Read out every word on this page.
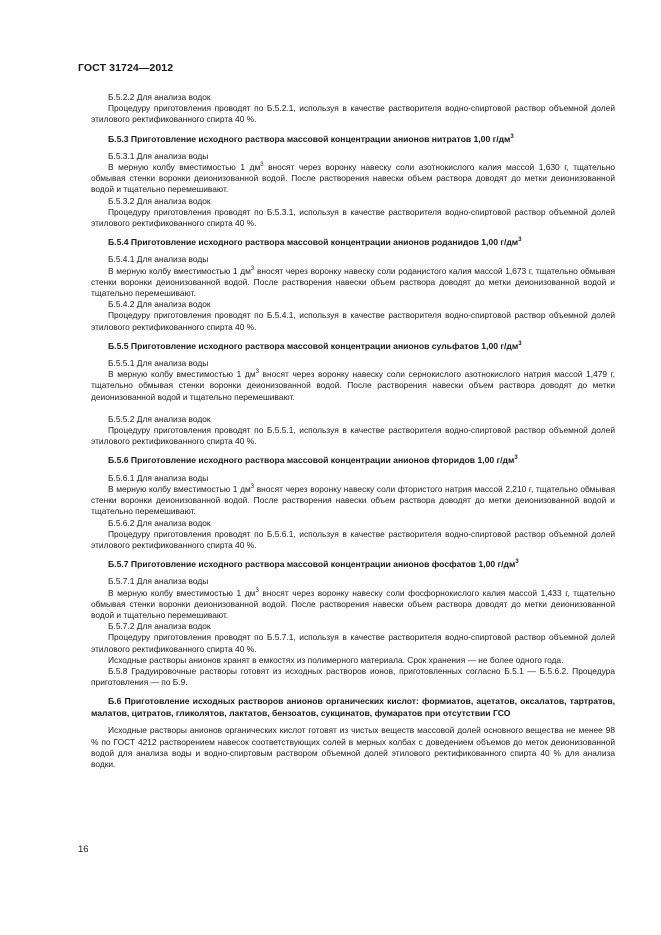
ГОСТ 31724—2012

Б.5.2.2 Для анализа водок

Процедуру приготовления проводят по Б.5.2.1, используя в качестве растворителя водно-спиртовой раствор объемной долей этилового ректификованного спирта 40 %.

Б.5.3 Приготовление исходного раствора массовой концентрации анионов нитратов 1,00 $г/дм^3$

Б.5.3.1 Для анализа воды

В мерную колбу вместимостью 1 $дм^3$ вносят через воронку навеску соли азотнокислого калия массой 1,630 г, тщательно обмывая стенки воронки деионизованной водой. После растворения навески объем раствора доводят до метки деионизованной водой и тщательно перемешивают.

Б.5.3.2 Для анализа водок

Процедуру приготовления проводят по Б.5.3.1, используя в качестве растворителя водно-спиртовой раствор объемной долей этилового ректификованного спирта 40 %.

Б.5.4 Приготовление исходного раствора массовой концентрации анионов роданидов 1,00 $г/дм^3$

Б.5.4.1 Для анализа воды

В мерную колбу вместимостью 1 $дм^3$ вносят через воронку навеску соли роданистого калия массой 1,673 г, тщательно обмывая стенки воронки деионизованной водой. После растворения навески объем раствора доводят до метки деионизованной водой и тщательно перемешивают.

Б.5.4.2 Для анализа водок

Процедуру приготовления проводят по Б.5.4.1, используя в качестве растворителя водно-спиртовой раствор объемной долей этилового ректификованного спирта 40 %.

Б.5.5 Приготовление исходного раствора массовой концентрации анионов сульфатов 1,00 $г/дм^3$

Б.5.5.1 Для анализа воды

В мерную колбу вместимостью 1 $дм^3$ вносят через воронку навеску соли сернокислого азотнокислого натрия массой 1,479 г, тщательно обмывая стенки воронки деионизованной водой. После растворения навески объем раствора доводят до метки деионизованной водой и тщательно перемешивают.

Б.5.5.2 Для анализа водок

Процедуру приготовления проводят по Б.5.5.1, используя в качестве растворителя водно-спиртовой раствор объемной долей этилового ректификованного спирта 40 %.

Б.5.6 Приготовление исходного раствора массовой концентрации анионов фторидов 1,00 $г/дм^3$

Б.5.6.1 Для анализа воды

В мерную колбу вместимостью 1 $дм^3$ вносят через воронку навеску соли фтористого натрия массой 2,210 г, тщательно обмывая стенки воронки деионизованной водой. После растворения навески объем раствора доводят до метки деионизованной водой и тщательно перемешивают.

Б.5.6.2 Для анализа водок

Процедуру приготовления проводят по Б.5.6.1, используя в качестве растворителя водно-спиртовой раствор объемной долей этилового ректификованного спирта 40 %.

Б.5.7 Приготовление исходного раствора массовой концентрации анионов фосфатов 1,00 $г/дм^3$

Б.5.7.1 Для анализа воды

В мерную колбу вместимостью 1 $дм^3$ вносят через воронку навеску соли фосфорнокислого калия массой 1,433 г, тщательно обмывая стенки воронки деионизованной водой. После растворения навески объем раствора доводят до метки деионизованной водой и тщательно перемешивают.

Б.5.7.2 Для анализа водок

Процедуру приготовления проводят по Б.5.7.1, используя в качестве растворителя водно-спиртовой раствор объемной долей этилового ректификованного спирта 40 %.

Исходные растворы анионов хранят в емкостях из полимерного материала. Срок хранения — не более одного года.

Б.5.8 Градуировочные растворы готовят из исходных растворов ионов, приготовленных согласно Б.5.1 — Б.5.6.2. Процедура приготовления — по Б.9.

Б.6 Приготовление исходных растворов анионов органических кислот: формиатов, ацетатов, оксалатов, тартратов, малатов, цитратов, гликолятов, лактатов, бензоатов, сукцинатов, фумаратов при отсутствии ГСО

Исходные растворы анионов органических кислот готовят из чистых веществ массовой долей основного вещества не менее 98 % по ГОСТ 4212 растворением навесок соответствующих солей в мерных колбах с доведением объемов до меток деионизованной водой для анализа воды и водно-спиртовым раствором объемной долей этилового ректификованного спирта 40 % для анализа водки.

16
